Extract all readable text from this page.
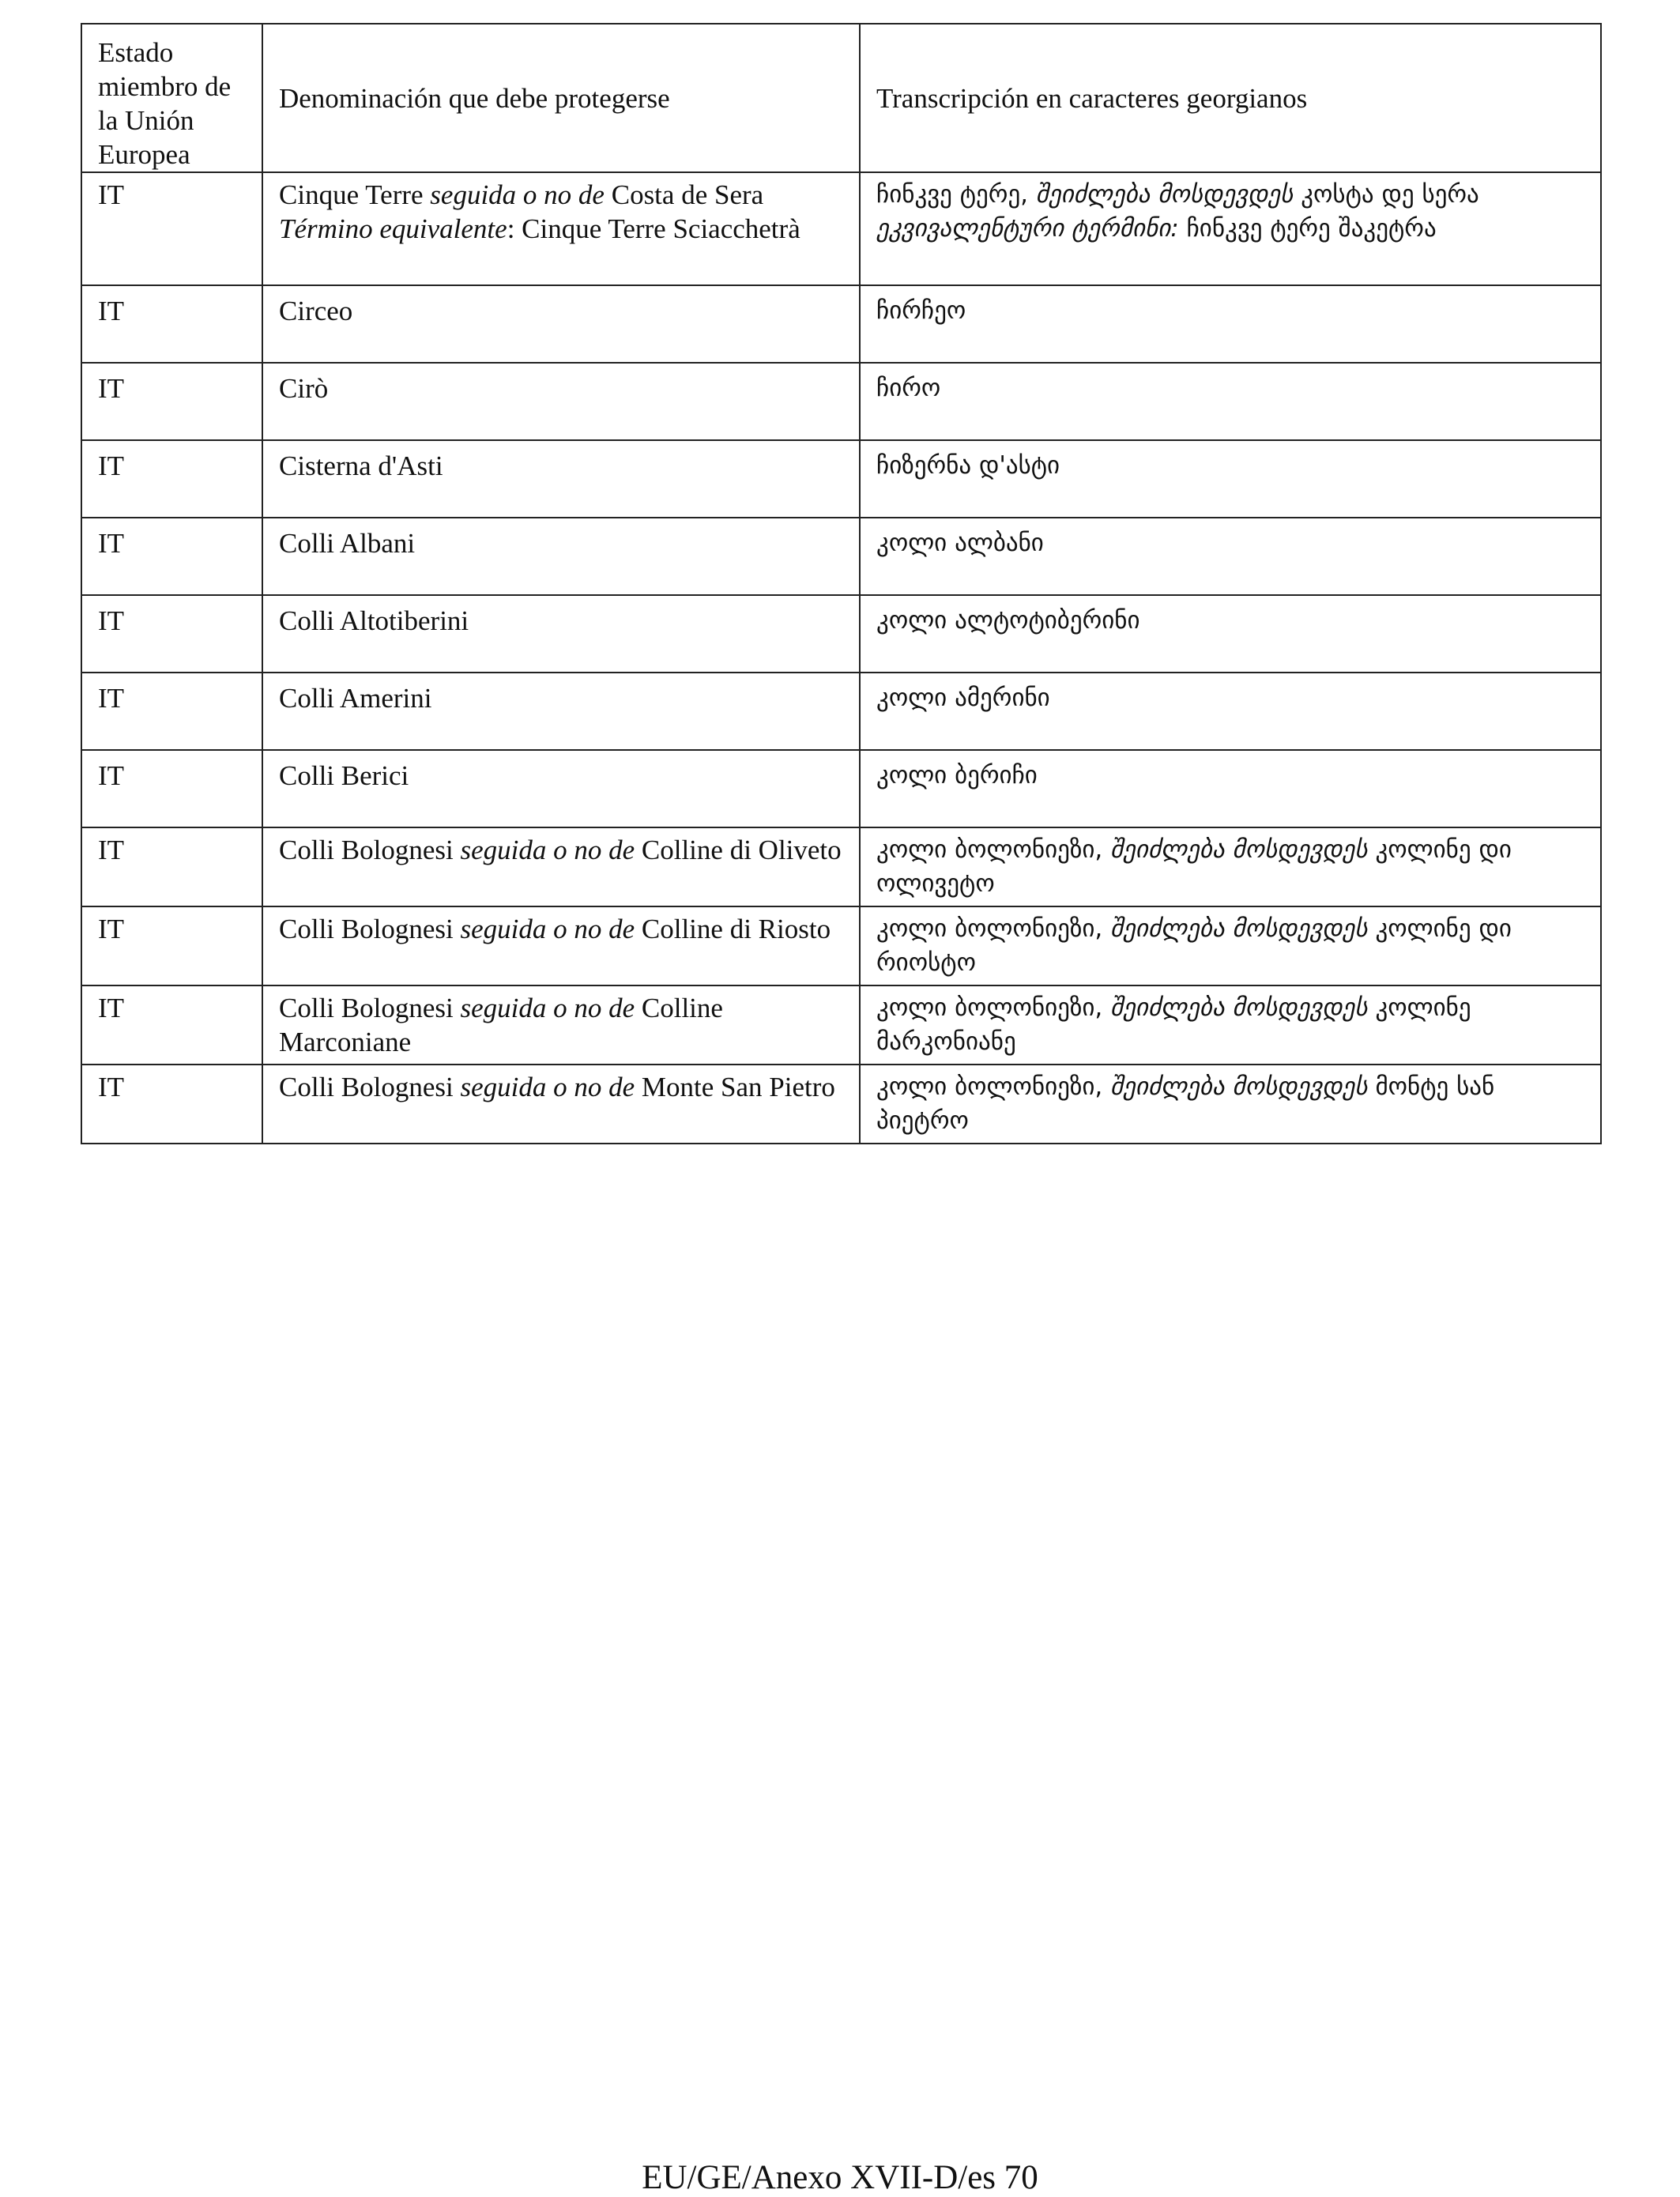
Estado miembro de la Unión Europea	Denominación que debe protegerse	Transcripción en caracteres georgianos
IT	Cinque Terre seguida o no de Costa de Sera Término equivalente: Cinque Terre Sciacchetrà	ჩინკვე ტერე, შეიძლება მოსდევდეს კოსტა დე სერა ეკვივალენტური ტერმინი: ჩინკვე ტერე შაკეტრა
IT	Circeo	ჩირჩეო
IT	Cirò	ჩირო
IT	Cisterna d'Asti	ჩიზერნა დ'ასტი
IT	Colli Albani	კოლი ალბანი
IT	Colli Altotiberini	კოლი ალტოტიბერინი
IT	Colli Amerini	კოლი ამერინი
IT	Colli Berici	კოლი ბერიჩი
IT	Colli Bolognesi seguida o no de Colline di Oliveto	კოლი ბოლონიეზი, შეიძლება მოსდევდეს კოლინე დი ოლივეტო
IT	Colli Bolognesi seguida o no de Colline di Riosto	კოლი ბოლონიეზი, შეიძლება მოსდევდეს კოლინე დი რიოსტო
IT	Colli Bolognesi seguida o no de Colline Marconiane	კოლი ბოლონიეზი, შეიძლება მოსდევდეს კოლინე მარკონიანე
IT	Colli Bolognesi seguida o no de Monte San Pietro	კოლი ბოლონიეზი, შეიძლება მოსდევდეს მონტე სან პიეტრო
EU/GE/Anexo XVII-D/es 70
